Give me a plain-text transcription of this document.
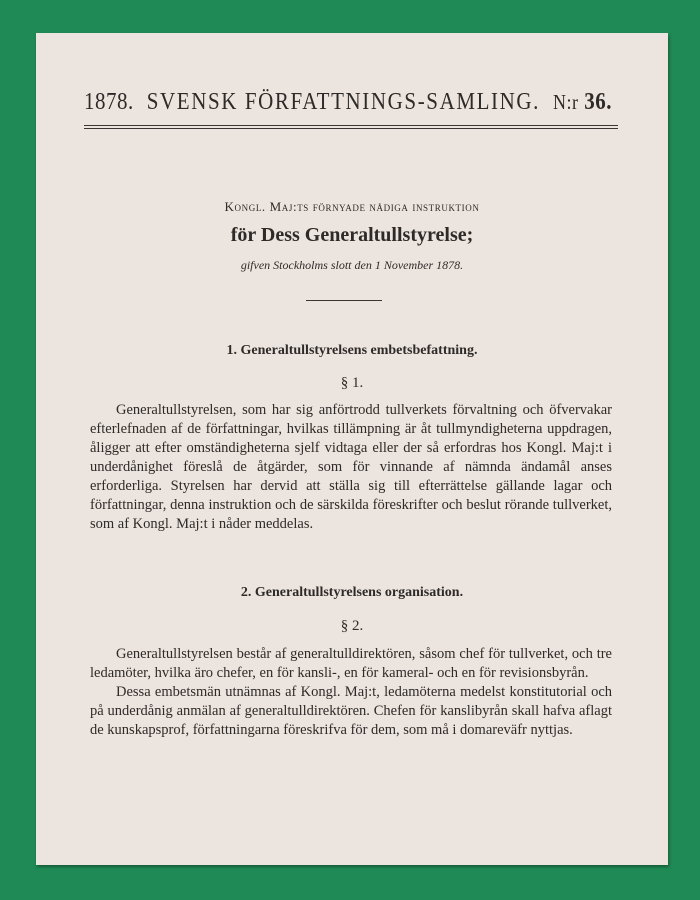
1878. SVENSK FÖRFATTNINGS-SAMLING. N:r 36.
Kongl. Maj:ts förnyade nådiga instruktion
för Dess Generaltullstyrelse;
gifven Stockholms slott den 1 November 1878.
1. Generaltullstyrelsens embetsbefattning.
§ 1.

Generaltullstyrelsen, som har sig anförtrodd tullverkets förvaltning och öfvervakar efterlefnaden af de författningar, hvilkas tillämpning är åt tullmyndigheterna uppdragen, åligger att efter omständigheterna sjelf vidtaga eller der så erfordras hos Kongl. Maj:t i underdånighet föreslå de åtgärder, som för vinnande af nämnda ändamål anses erforderliga. Styrelsen har dervid att ställa sig till efterrättelse gällande lagar och författningar, denna instruktion och de särskilda föreskrifter och beslut rörande tullverket, som af Kongl. Maj:t i nåder meddelas.

2. Generaltullstyrelsens organisation.
§ 2.

Generaltullstyrelsen består af generaltulldirektören, såsom chef för tullverket, och tre ledamöter, hvilka äro chefer, en för kansli-, en för kameral- och en för revisionsbyrån.

Dessa embetsmän utnämnas af Kongl. Maj:t, ledamöterna medelst konstitutorial och på underdånig anmälan af generaltulldirektören. Chefen för kanslibyrån skall hafva aflagt de kunskapsprof, författningarna föreskrifva för dem, som må i domareväfr nyttjas.
